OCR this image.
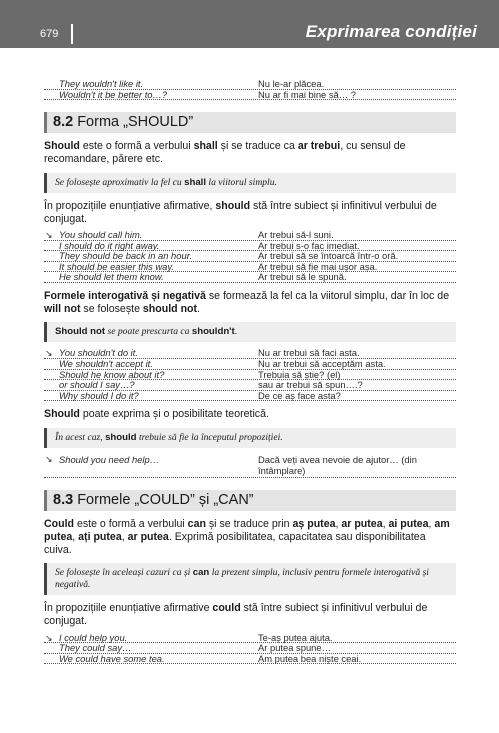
679	Exprimarea condiției
They wouldn't like it.	Nu le-ar plăcea.
Wouldn't it be better to…?	Nu ar fi mai bine să… ?
8.2 Forma „SHOULD”

Should este o formă a verbului shall și se traduce ca ar trebui, cu sensul de recomandare, părere etc.

Se folosește aproximativ la fel cu shall la viitorul simplu.

În propozițiile enunțiative afirmative, should stă între subiect și infinitivul verbului de conjugat.

↘ You should call him.	Ar trebui să-l suni.
I should do it right away.	Ar trebui s-o fac imediat.
They should be back in an hour.	Ar trebui să se întoarcă într-o oră.
It should be easier this way.	Ar trebui să fie mai ușor așa.
He should let them know.	Ar trebui să le spună.

Formele interogativă și negativă se formează la fel ca la viitorul simplu, dar în loc de will not se folosește should not.

Should not se poate prescurta ca shouldn't.
↘ You shouldn't do it.	Nu ar trebui să faci asta.
We shouldn't accept it.	Nu ar trebui să acceptăm asta.
Should he know about it?	Trebuia să știe? (el)
or should I say…?	sau ar trebui să spun….?
Why should I do it?	De ce aș face asta?

Should poate exprima și o posibilitate teoretică.

În acest caz, should trebuie să fie la începutul propoziției.
↘ Should you need help…	Dacă veți avea nevoie de ajutor… (din întâmplare)
8.3 Formele „COULD” și „CAN”

Could este o formă a verbului can și se traduce prin aș putea, ar putea, ai putea, am putea, ați putea, ar putea. Exprimă posibilitatea, capacitatea sau disponibilitatea cuiva.

Se folosește în aceleași cazuri ca și can la prezent simplu, inclusiv pentru formele interogativă și negativă.

În propozițiile enunțiative afirmative could stă între subiect și infinitivul verbului de conjugat.

↘ I could help you.	Te-aș putea ajuta.
They could say…	Ar putea spune…
We could have some tea.	Am putea bea niște ceai.
